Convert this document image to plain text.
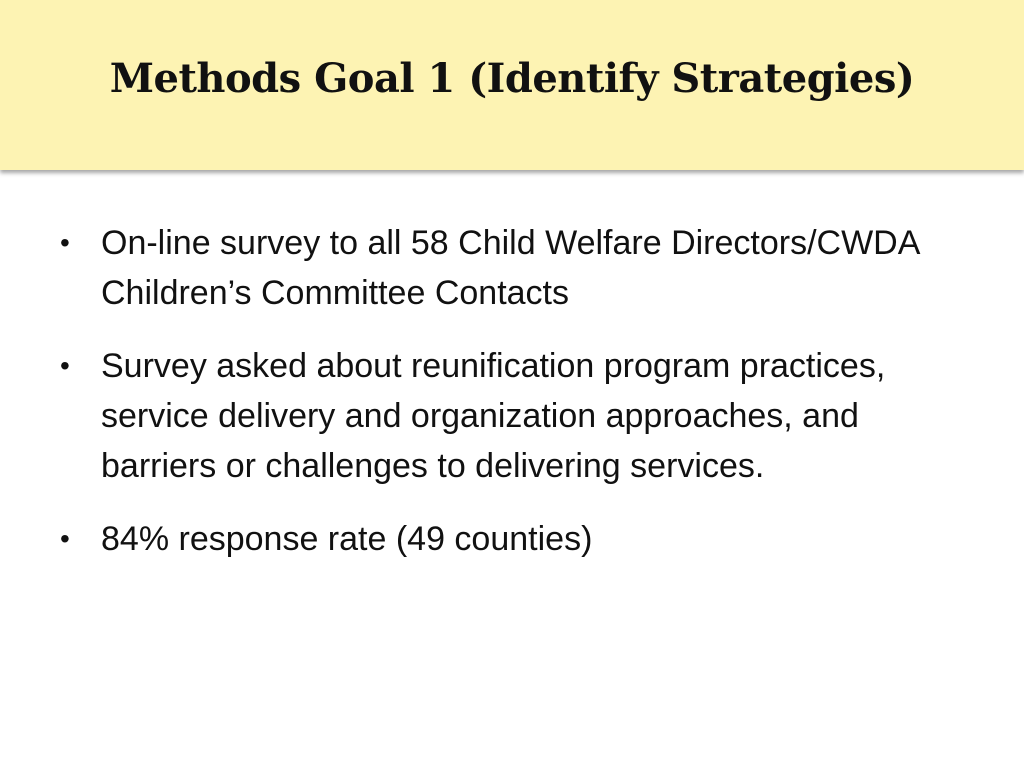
Methods Goal 1 (Identify Strategies)
• On-line survey to all 58 Child Welfare Directors/CWDA Children’s Committee Contacts
• Survey asked about reunification program practices, service delivery and organization approaches, and barriers or challenges to delivering services.
• 84% response rate (49 counties)
